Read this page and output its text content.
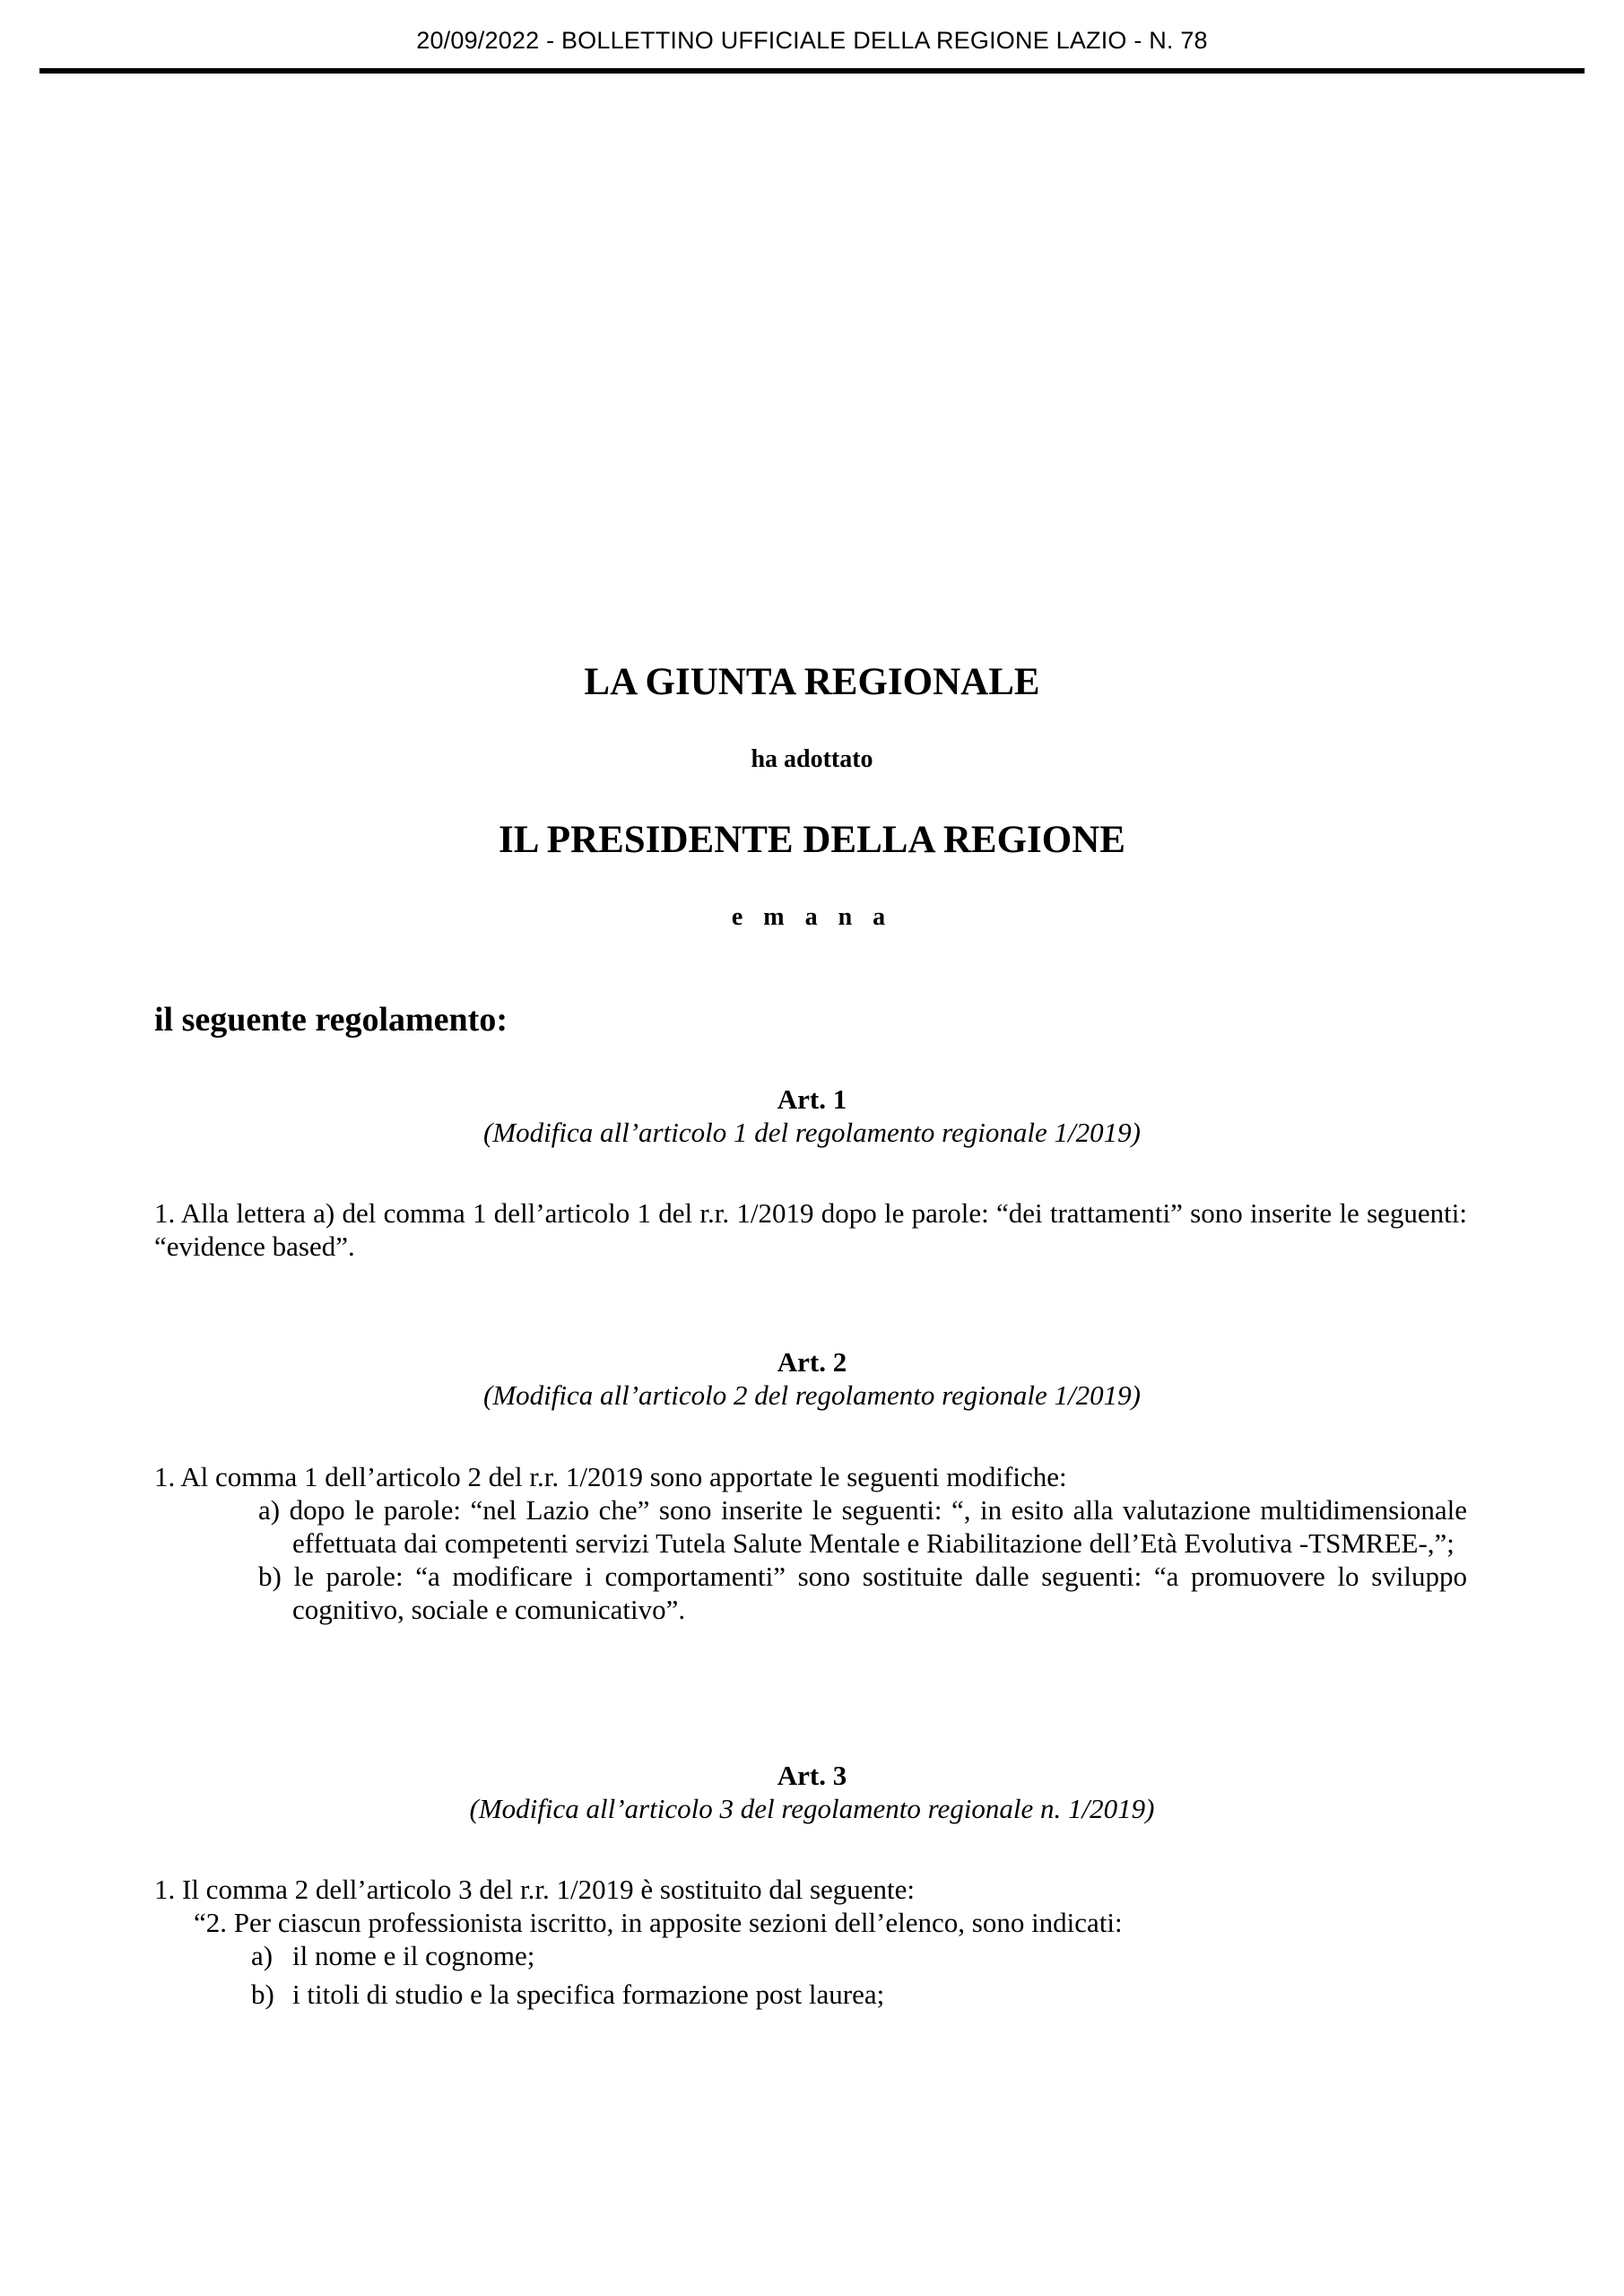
20/09/2022 - BOLLETTINO UFFICIALE DELLA REGIONE LAZIO - N. 78
LA GIUNTA REGIONALE
ha adottato
IL PRESIDENTE DELLA REGIONE
e m a n a
il seguente regolamento:
Art. 1
(Modifica all’articolo 1 del regolamento regionale 1/2019)
1. Alla lettera a) del comma 1 dell’articolo 1 del r.r. 1/2019 dopo le parole: “dei trattamenti” sono inserite le seguenti: “evidence based”.
Art. 2
(Modifica all’articolo 2 del regolamento regionale 1/2019)
1. Al comma 1 dell’articolo 2 del r.r. 1/2019 sono apportate le seguenti modifiche:
a) dopo le parole: “nel Lazio che” sono inserite le seguenti: “, in esito alla valutazione multidimensionale effettuata dai competenti servizi Tutela Salute Mentale e Riabilitazione dell’Età Evolutiva -TSMREE-,”;
b) le parole: “a modificare i comportamenti” sono sostituite dalle seguenti: “a promuovere lo sviluppo cognitivo, sociale e comunicativo”.
Art. 3
(Modifica all’articolo 3 del regolamento regionale n. 1/2019)
1. Il comma 2 dell’articolo 3 del r.r. 1/2019 è sostituito dal seguente:
“2. Per ciascun professionista iscritto, in apposite sezioni dell’elenco, sono indicati:
a) il nome e il cognome;
b) i titoli di studio e la specifica formazione post laurea;
